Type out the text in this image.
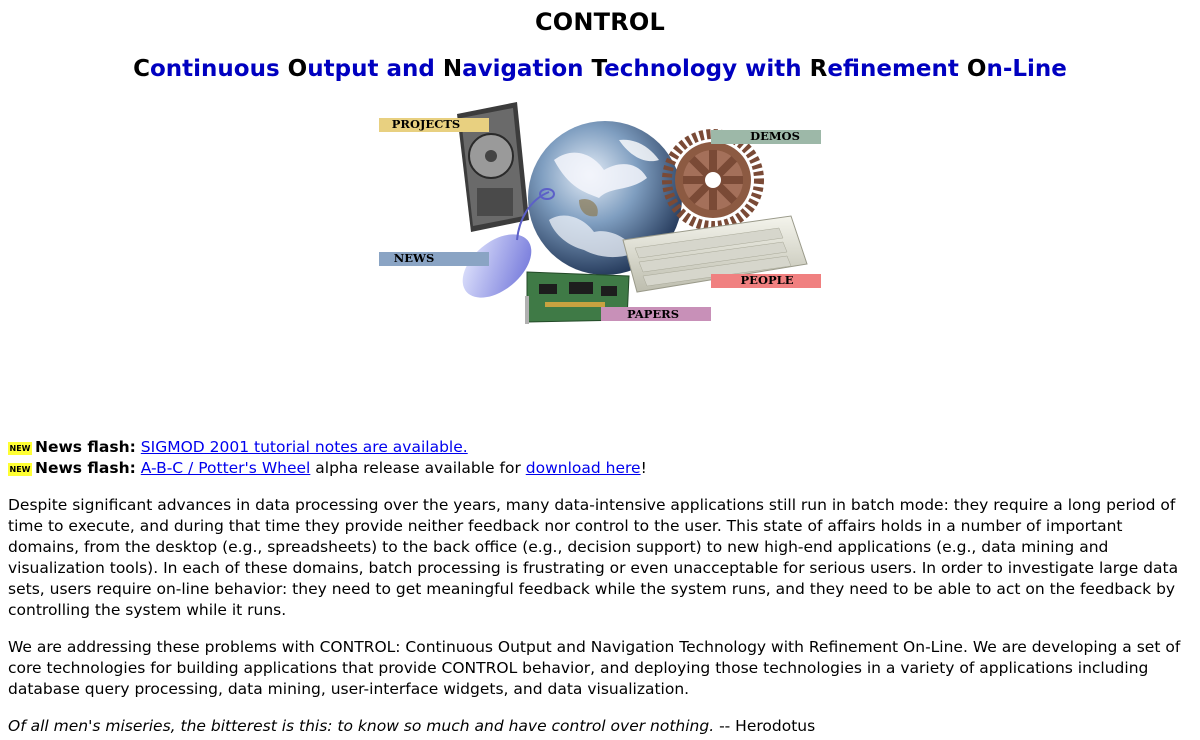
CONTROL
Continuous Output and Navigation Technology with Refinement On-Line
PROJECTS
DEMOS
NEWS
PEOPLE
PAPERS
NEW News flash: SIGMOD 2001 tutorial notes are available.
NEW News flash: A-B-C / Potter's Wheel alpha release available for download here!

Despite significant advances in data processing over the years, many data-intensive applications still run in batch mode: they require a long period of time to execute, and during that time they provide neither feedback nor control to the user. This state of affairs holds in a number of important domains, from the desktop (e.g., spreadsheets) to the back office (e.g., decision support) to new high-end applications (e.g., data mining and visualization tools). In each of these domains, batch processing is frustrating or even unacceptable for serious users. In order to investigate large data sets, users require on-line behavior: they need to get meaningful feedback while the system runs, and they need to be able to act on the feedback by controlling the system while it runs.

We are addressing these problems with CONTROL: Continuous Output and Navigation Technology with Refinement On-Line. We are developing a set of core technologies for building applications that provide CONTROL behavior, and deploying those technologies in a variety of applications including database query processing, data mining, user-interface widgets, and data visualization.

Of all men's miseries, the bitterest is this: to know so much and have control over nothing. -- Herodotus
